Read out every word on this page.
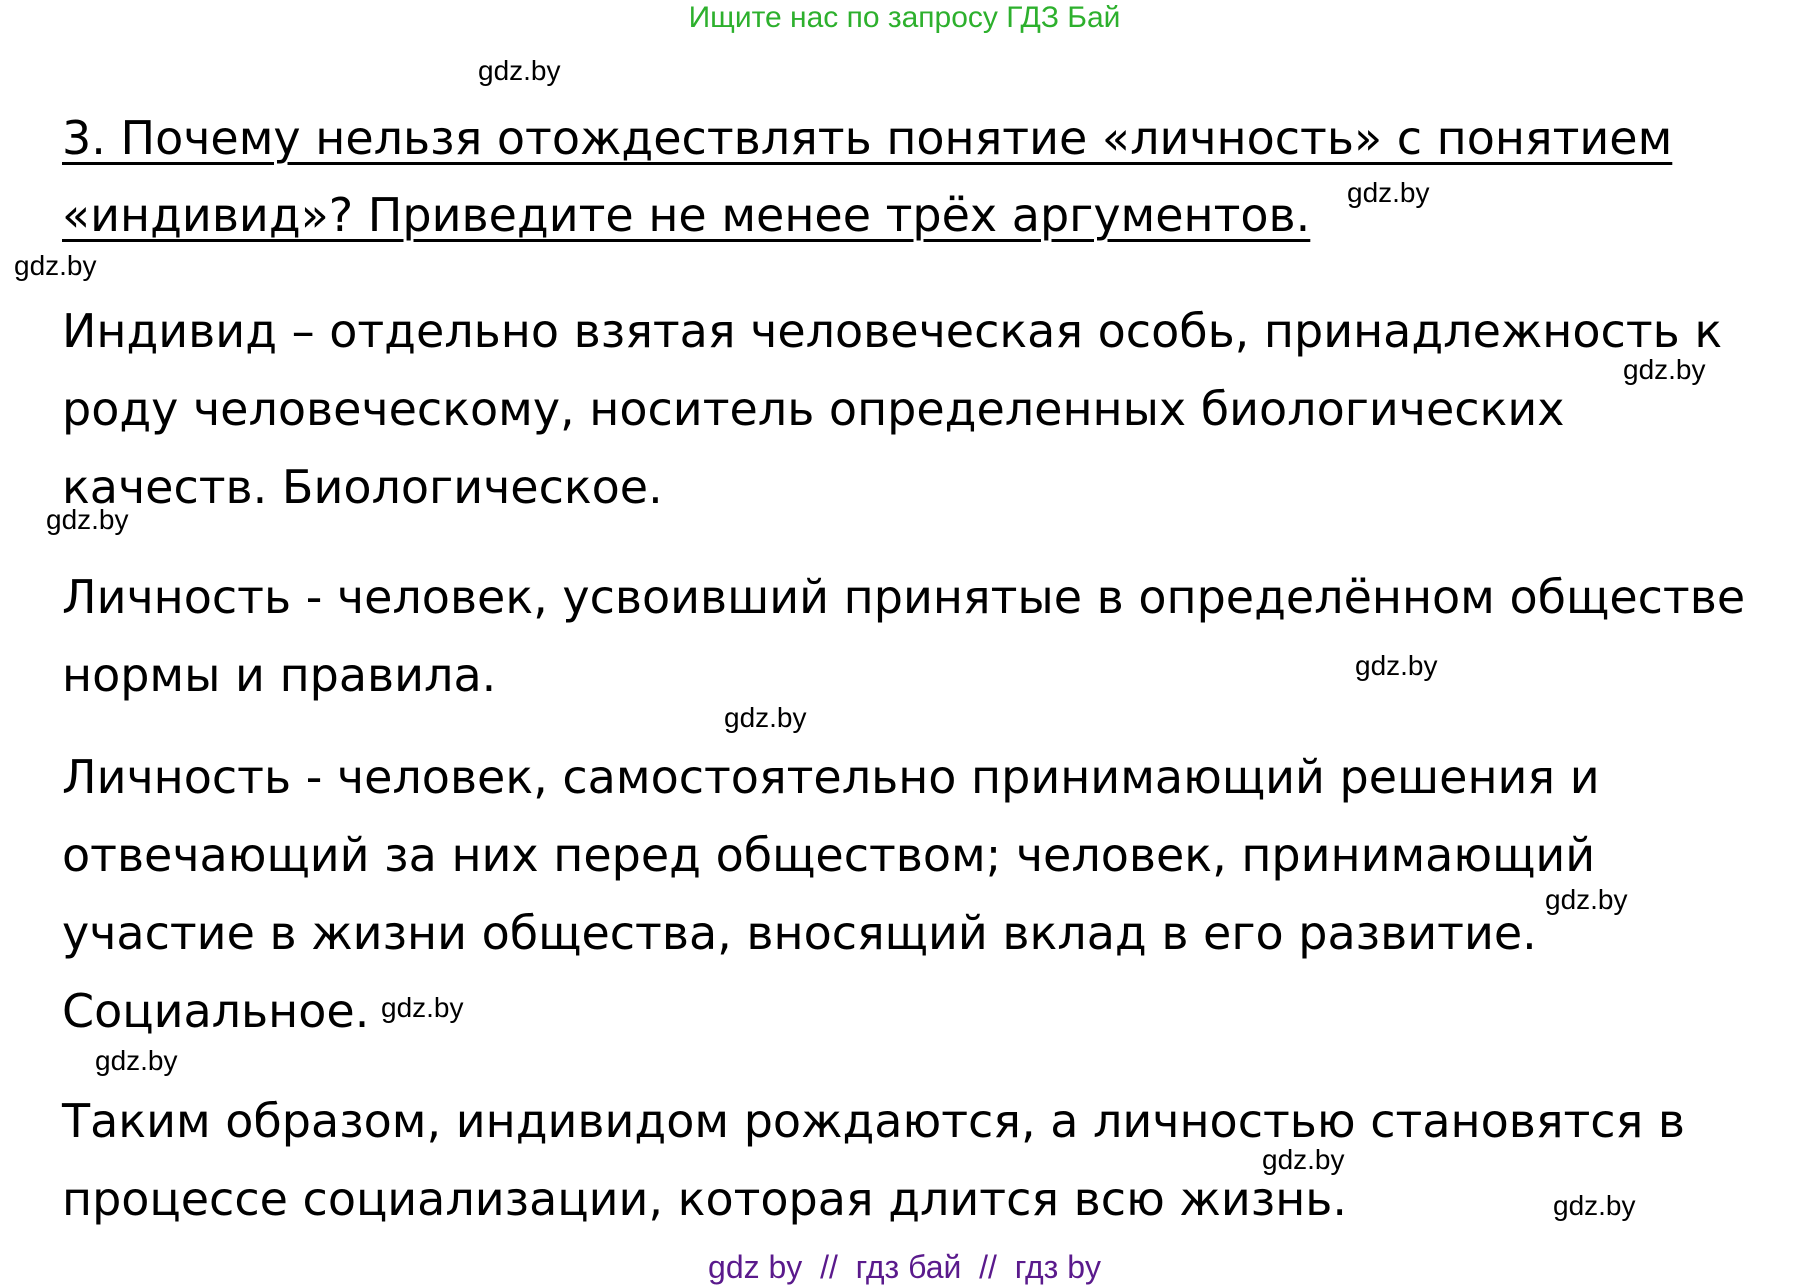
Ищите нас по запросу ГДЗ Бай
3. Почему нельзя отождествлять понятие «личность» с понятием «индивид»? Приведите не менее трёх аргументов.

Индивид – отдельно взятая человеческая особь, принадлежность к роду человеческому, носитель определенных биологических качеств. Биологическое.

Личность - человек, усвоивший принятые в определённом обществе нормы и правила.

Личность - человек, самостоятельно принимающий решения и отвечающий за них перед обществом; человек, принимающий участие в жизни общества, вносящий вклад в его развитие. Социальное.

Таким образом, индивидом рождаются, а личностью становятся в процессе социализации, которая длится всю жизнь.

gdz.by
gdz.by
gdz.by
gdz.by
gdz.by
gdz.by
gdz.by
gdz.by
gdz.by
gdz.by
gdz.by
gdz.by
gdz by  //  гдз бай  //  гдз by
